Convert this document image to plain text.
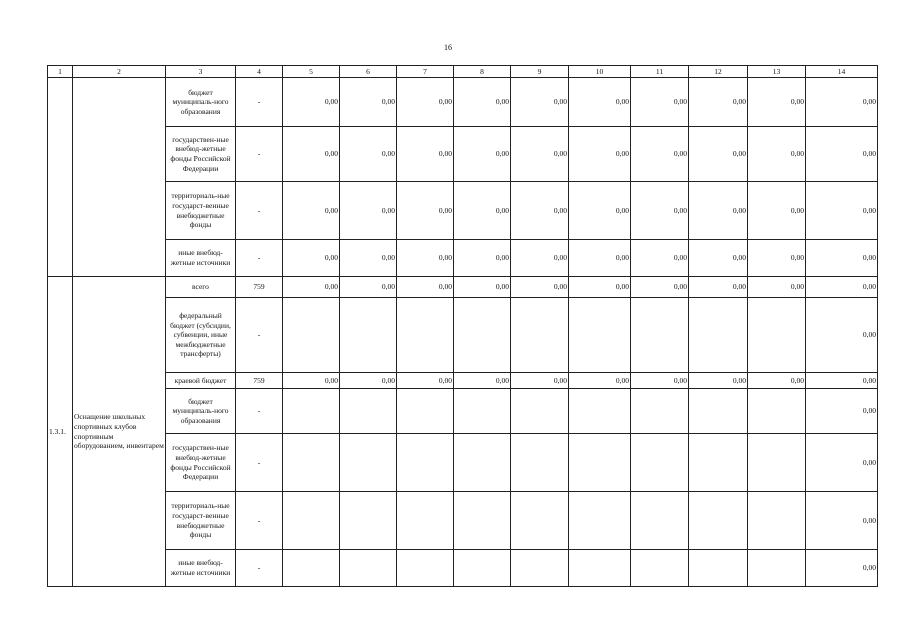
16
1	2	3	4	5	6	7	8	9	10	11	12	13	14
		бюджет муниципаль-ного образования	-	0,00	0,00	0,00	0,00	0,00	0,00	0,00	0,00	0,00	0,00
		государствен-ные внебюд-жетные фонды Российской Федерации	-	0,00	0,00	0,00	0,00	0,00	0,00	0,00	0,00	0,00	0,00
		территориаль-ные государст-венные внебюджетные фонды	-	0,00	0,00	0,00	0,00	0,00	0,00	0,00	0,00	0,00	0,00
		иные внебюд-жетные источники	-	0,00	0,00	0,00	0,00	0,00	0,00	0,00	0,00	0,00	0,00
1.3.1.	Оснащение школьных спортивных клубов спортивным оборудованием, инвентарем	всего	759	0,00	0,00	0,00	0,00	0,00	0,00	0,00	0,00	0,00	0,00
		федеральный бюджет (субсидии, субвенции, иные межбюджетные трансферты)	-										0,00
		краевой бюджет	759	0,00	0,00	0,00	0,00	0,00	0,00	0,00	0,00	0,00	0,00
		бюджет муниципаль-ного образования	-										0,00
		государствен-ные внебюд-жетные фонды Российской Федерации	-										0,00
		территориаль-ные государст-венные внебюджетные фонды	-										0,00
		иные внебюд-жетные источники	-										0,00
